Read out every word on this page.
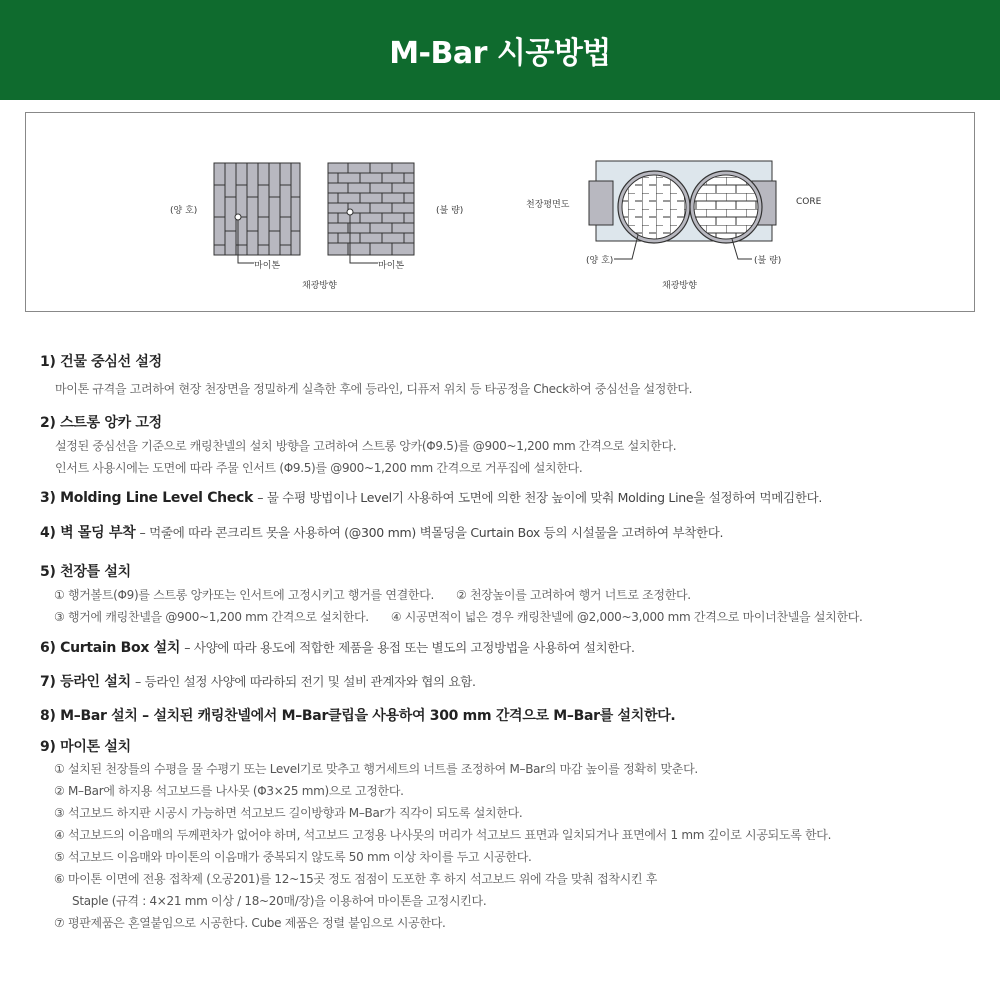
M-Bar 시공방법
(양 호)	(불 량)
마이톤	마이톤
채광방향
천장평면도	CORE
(양 호)	(불 량)
채광방향

1) 건물 중심선 설정

마이톤 규격을 고려하여 현장 천장면을 정밀하게 실측한 후에 등라인, 디퓨저 위치 등 타공정을 Check하여 중심선을 설정한다.

2) 스트롱 앙카 고정

설정된 중심선을 기준으로 캐링찬넬의 설치 방향을 고려하여 스트롱 앙카(Φ9.5)를 @900~1,200 mm 간격으로 설치한다.
인서트 사용시에는 도면에 따라 주물 인서트 (Φ9.5)를 @900~1,200 mm 간격으로 거푸집에 설치한다.

3) Molding Line Level Check – 물 수평 방법이나 Level기 사용하여 도면에 의한 천장 높이에 맞춰 Molding Line을 설정하여 먹메김한다.

4) 벽 몰딩 부착 – 먹줄에 따라 콘크리트 못을 사용하여 (@300 mm) 벽몰딩을 Curtain Box 등의 시설물을 고려하여 부착한다.

5) 천장틀 설치

① 행거볼트(Φ9)를 스트롱 앙카또는 인서트에 고정시키고 행거를 연결한다. ② 천장높이를 고려하여 행거 너트로 조정한다.
③ 행거에 캐링찬넬을 @900~1,200 mm 간격으로 설치한다. ④ 시공면적이 넓은 경우 캐링찬넬에 @2,000~3,000 mm 간격으로 마이너찬넬을 설치한다.

6) Curtain Box 설치 – 사양에 따라 용도에 적합한 제품을 용접 또는 별도의 고정방법을 사용하여 설치한다.

7) 등라인 설치 – 등라인 설정 사양에 따라하되 전기 및 설비 관계자와 협의 요함.

8) M–Bar 설치 – 설치된 캐링찬넬에서 M–Bar클립을 사용하여 300 mm 간격으로 M–Bar를 설치한다.

9) 마이톤 설치

① 설치된 천장틀의 수평을 물 수평기 또는 Level기로 맞추고 행거세트의 너트를 조정하여 M–Bar의 마감 높이를 정확히 맞춘다.
② M–Bar에 하지용 석고보드를 나사못 (Φ3×25 mm)으로 고정한다.
③ 석고보드 하지판 시공시 가능하면 석고보드 길이방향과 M–Bar가 직각이 되도록 설치한다.
④ 석고보드의 이음매의 두께편차가 없어야 하며, 석고보드 고정용 나사못의 머리가 석고보드 표면과 일치되거나 표면에서 1 mm 깊이로 시공되도록 한다.
⑤ 석고보드 이음매와 마이톤의 이음매가 중복되지 않도록 50 mm 이상 차이를 두고 시공한다.
⑥ 마이톤 이면에 전용 접착제 (오공201)를 12~15곳 정도 점점이 도포한 후 하지 석고보드 위에 각을 맞춰 접착시킨 후
Staple (규격 : 4×21 mm 이상 / 18~20매/장)을 이용하여 마이톤을 고정시킨다.
⑦ 평판제품은 혼열붙임으로 시공한다. Cube 제품은 정렬 붙임으로 시공한다.
